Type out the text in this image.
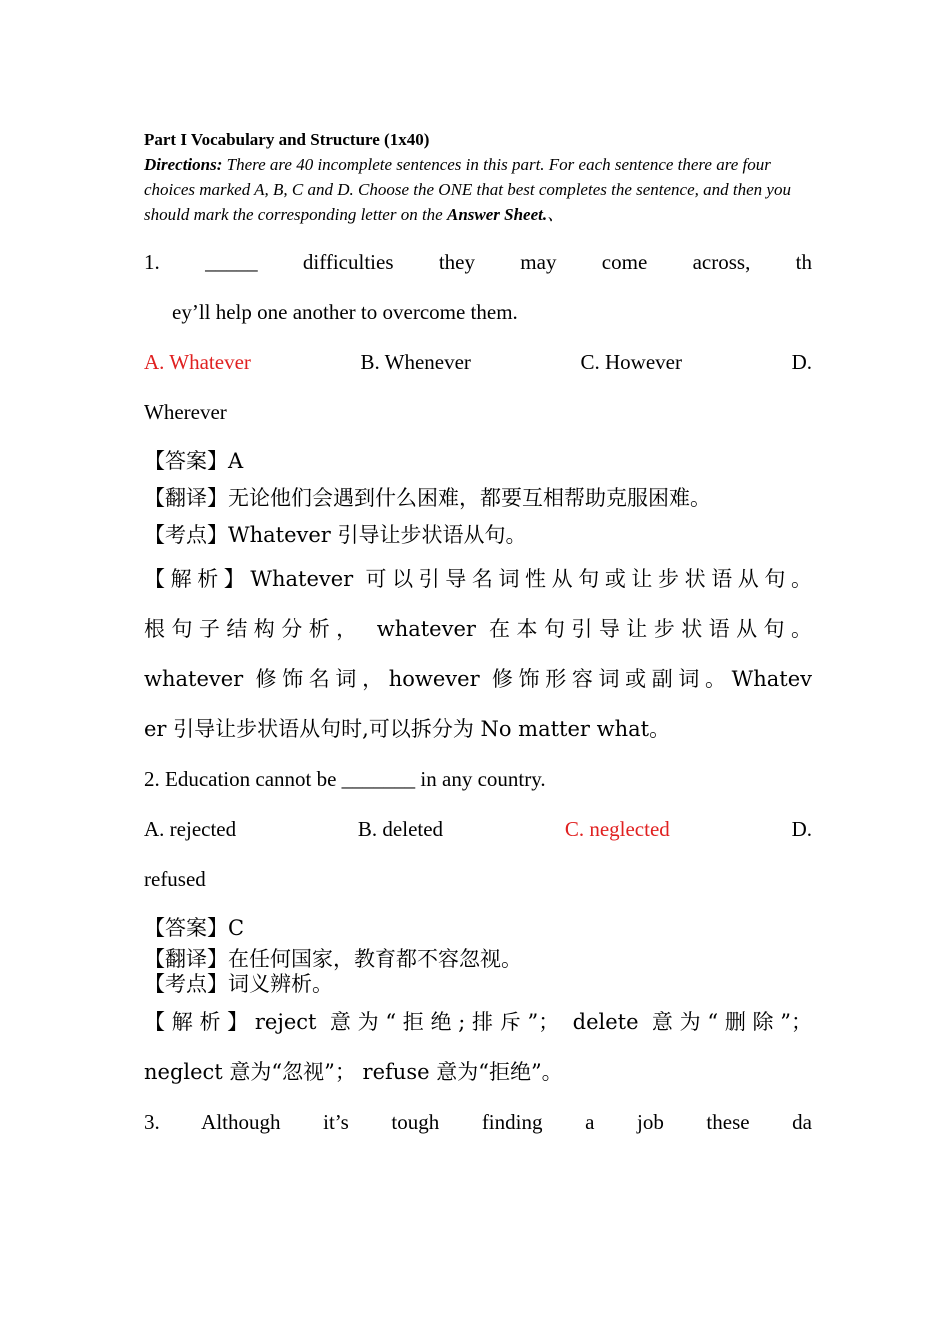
Part I Vocabulary and Structure (1x40)

Directions: There are 40 incomplete sentences in this part. For each sentence there are four choices marked A, B, C and D. Choose the ONE that best completes the sentence, and then you should mark the corresponding letter on the Answer Sheet.、

1. _____ difficulties they may come across, th

ey’ll help one another to overcome them.

A. Whatever	B. Whenever	C. However	D.

Wherever

【答案】A

【翻译】无论他们会遇到什么困难，都要互相帮助克服困难。

【考点】Whatever 引导让步状语从句。

【解析】Whatever 可以引导名词性从句或让步状语从句。

根句子结构分析， whatever 在本句引导让步状语从句。

whatever 修饰名词，however 修饰形容词或副词。Whatev

er 引导让步状语从句时,可以拆分为 No matter what。

2. Education cannot be _______ in any country.

A. rejected	B. deleted	C. neglected	D.

refused

【答案】C

【翻译】在任何国家，教育都不容忽视。

【考点】词义辨析。

【解析】reject 意为“拒绝;排斥”； delete 意为“删除”；

neglect 意为“忽视”； refuse 意为“拒绝”。

3. Although it’s tough finding a job these da
